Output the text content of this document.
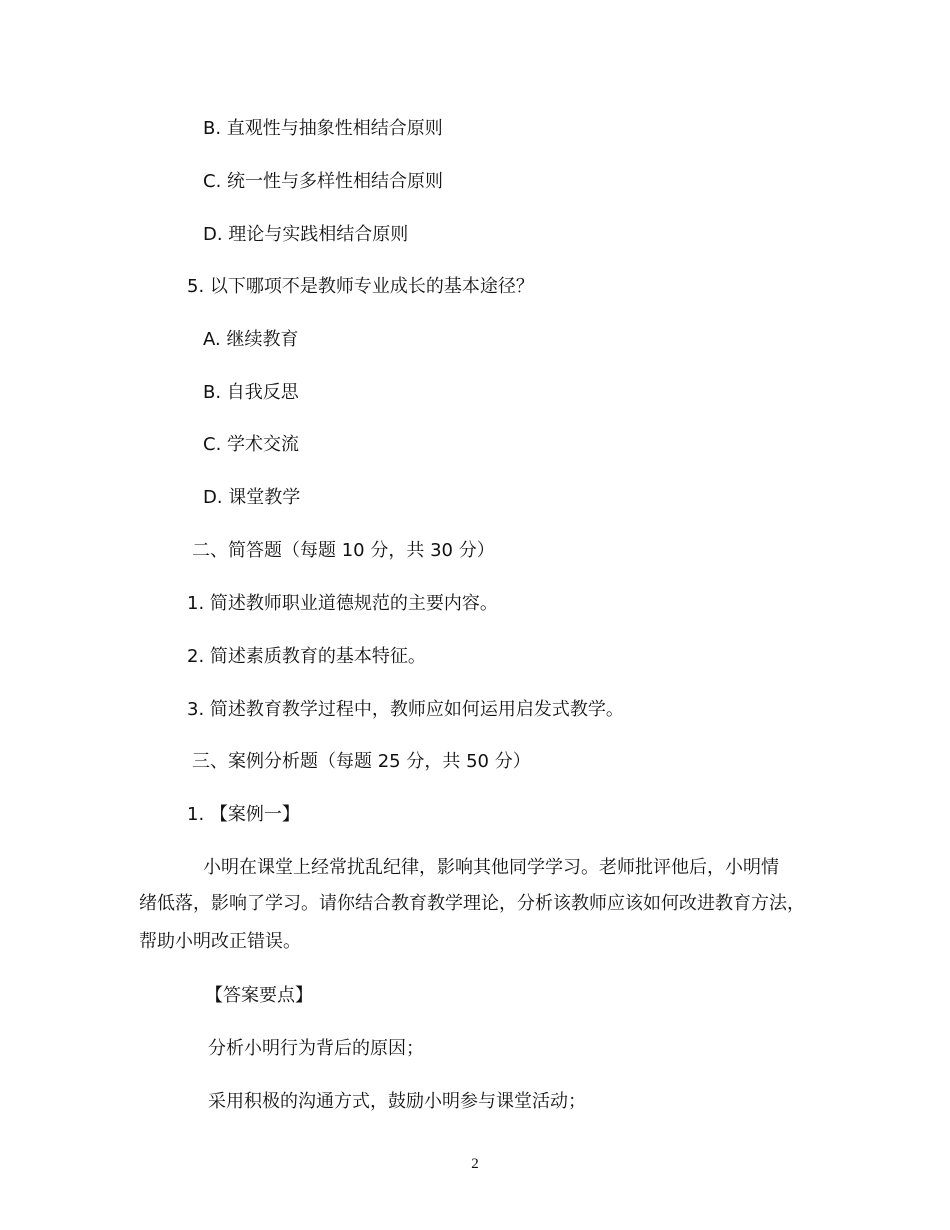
B. 直观性与抽象性相结合原则
C. 统一性与多样性相结合原则
D. 理论与实践相结合原则
5. 以下哪项不是教师专业成长的基本途径？
A. 继续教育
B. 自我反思
C. 学术交流
D. 课堂教学
二、简答题（每题 10 分，共 30 分）
1. 简述教师职业道德规范的主要内容。
2. 简述素质教育的基本特征。
3. 简述教育教学过程中，教师应如何运用启发式教学。
三、案例分析题（每题 25 分，共 50 分）
1. 【案例一】
小明在课堂上经常扰乱纪律，影响其他同学学习。老师批评他后，小明情
绪低落，影响了学习。请你结合教育教学理论，分析该教师应该如何改进教育方法，
帮助小明改正错误。
【答案要点】
分析小明行为背后的原因；
采用积极的沟通方式，鼓励小明参与课堂活动；
2
